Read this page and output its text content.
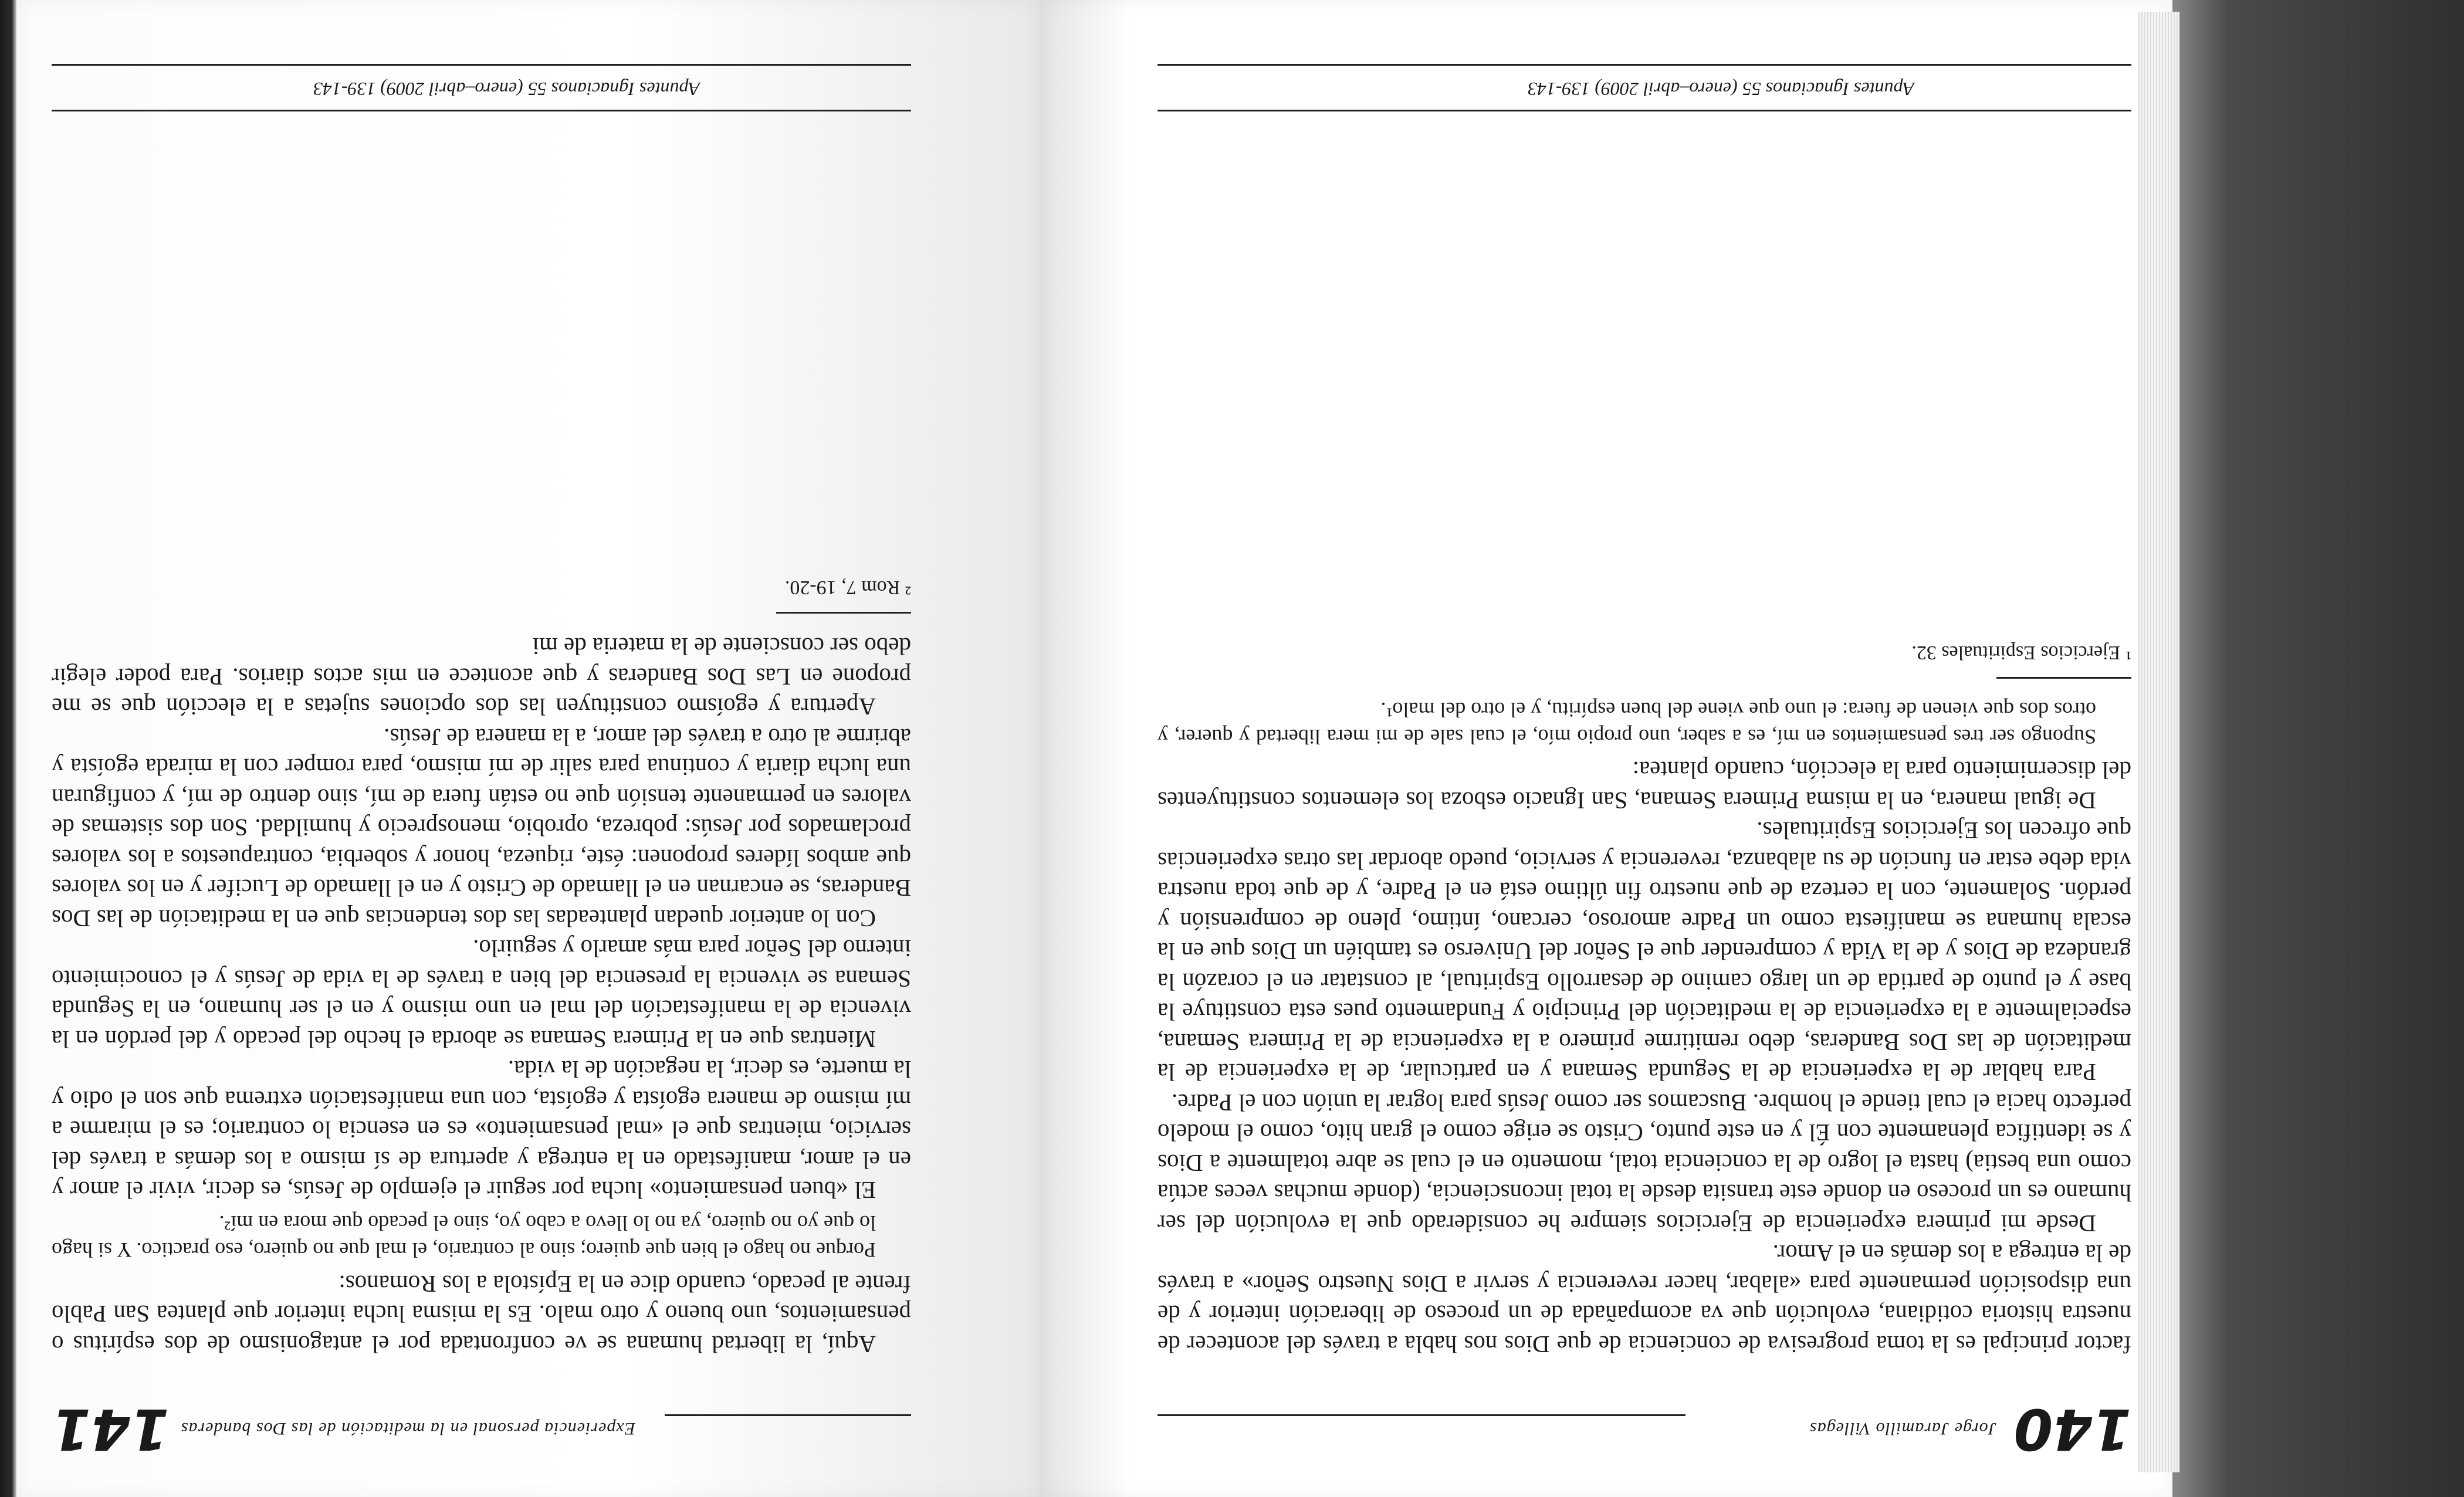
Experiencia personal en la meditación de las Dos banderas
141

Aquí, la libertad humana se ve confrontada por el antagonismo de dos espíritus o pensamientos, uno bueno y otro malo. Es la misma lucha interior que plantea San Pablo frente al pecado, cuando dice en la Epístola a los Romanos:

Porque no hago el bien que quiero; sino al contrario, el mal que no quiero, eso practico. Y si hago lo que yo no quiero, ya no lo llevo a cabo yo, sino el pecado que mora en mí².

El «buen pensamiento» lucha por seguir el ejemplo de Jesús, es decir, vivir el amor y en el amor, manifestado en la entrega y apertura de sí mismo a los demás a través del servicio, mientras que el «mal pensamiento» es en esencia lo contrario; es el mirarme a mí mismo de manera egoísta y egoísta, con una manifestación extrema que son el odio y la muerte, es decir, la negación de la vida.

Mientras que en la Primera Semana se aborda el hecho del pecado y del perdón en la vivencia de la manifestación del mal en uno mismo y en el ser humano, en la Segunda Semana se vivencia la presencia del bien a través de la vida de Jesús y el conocimiento interno del Señor para más amarlo y seguirlo.

Con lo anterior quedan planteadas las dos tendencias que en la meditación de las Dos Banderas, se encarnan en el llamado de Cristo y en el llamado de Lucifer y en los valores que ambos líderes proponen: éste, riqueza, honor y soberbia, contrapuestos a los valores proclamados por Jesús: pobreza, oprobio, menosprecio y humildad. Son dos sistemas de valores en permanente tensión que no están fuera de mí, sino dentro de mí, y configuran una lucha diaria y continua para salir de mí mismo, para romper con la mirada egoísta y abrirme al otro a través del amor, a la manera de Jesús.

Apertura y egoísmo constituyen las dos opciones sujetas a la elección que se me propone en Las Dos Banderas y que acontece en mis actos diarios. Para poder elegir debo ser consciente de la materia de mi

² Rom 7, 19-20.
Apuntes Ignacianos 55 (enero–abril 2009) 139-143
140
Jorge Jaramillo Villegas

factor principal es la toma progresiva de conciencia de que Dios nos habla a través del acontecer de nuestra historia cotidiana, evolución que va acompañada de un proceso de liberación interior y de una disposición permanente para «alabar, hacer reverencia y servir a Dios Nuestro Señor» a través de la entrega a los demás en el Amor.

Desde mi primera experiencia de Ejercicios siempre he considerado que la evolución del ser humano es un proceso en donde este transita desde la total inconsciencia, (donde muchas veces actúa como una bestia) hasta el logro de la conciencia total, momento en el cual se abre totalmente a Dios y se identifica plenamente con Él y en este punto, Cristo se erige como el gran hito, como el modelo perfecto hacia el cual tiende el hombre. Buscamos ser como Jesús para lograr la unión con el Padre.

Para hablar de la experiencia de la Segunda Semana y en particular, de la experiencia de la meditación de las Dos Banderas, debo remitirme primero a la experiencia de la Primera Semana, especialmente a la experiencia de la meditación del Principio y Fundamento pues esta constituye la base y el punto de partida de un largo camino de desarrollo Espiritual, al constatar en el corazón la grandeza de Dios y de la Vida y comprender que el Señor del Universo es también un Dios que en la escala humana se manifiesta como un Padre amoroso, cercano, íntimo, pleno de comprensión y perdón. Solamente, con la certeza de que nuestro fin último está en el Padre, y de que toda nuestra vida debe estar en función de su alabanza, reverencia y servicio, puedo abordar las otras experiencias que ofrecen los Ejercicios Espirituales.

De igual manera, en la misma Primera Semana, San Ignacio esboza los elementos constituyentes del discernimiento para la elección, cuando planteа:

Supongo ser tres pensamientos en mí, es a saber, uno propio mío, el cual sale de mi mera libertad y querer, y otros dos que vienen de fuera: el uno que viene del buen espíritu, y el otro del malo¹.

¹ Ejercicios Espirituales 32.
Apuntes Ignacianos 55 (enero–abril 2009) 139-143
